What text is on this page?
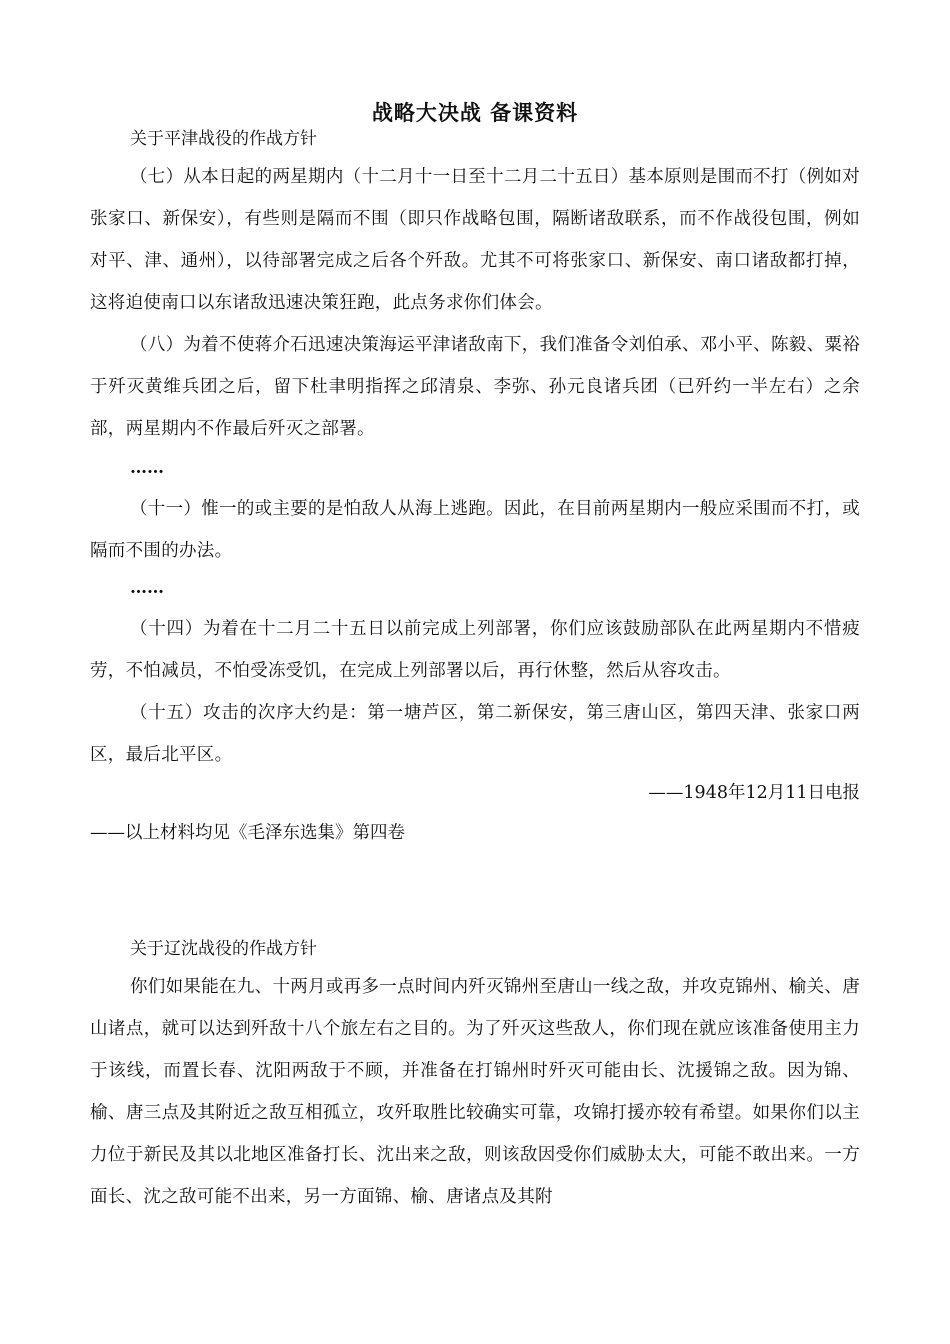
战略大决战 备课资料
关于平津战役的作战方针
（七）从本日起的两星期内（十二月十一日至十二月二十五日）基本原则是围而不打（例如对张家口、新保安），有些则是隔而不围（即只作战略包围，隔断诸敌联系，而不作战役包围，例如对平、津、通州），以待部署完成之后各个歼敌。尤其不可将张家口、新保安、南口诸敌都打掉，这将迫使南口以东诸敌迅速决策狂跑，此点务求你们体会。
（八）为着不使蒋介石迅速决策海运平津诸敌南下，我们准备令刘伯承、邓小平、陈毅、粟裕于歼灭黄维兵团之后，留下杜聿明指挥之邱清泉、李弥、孙元良诸兵团（已歼约一半左右）之余部，两星期内不作最后歼灭之部署。
……
（十一）惟一的或主要的是怕敌人从海上逃跑。因此，在目前两星期内一般应采围而不打，或隔而不围的办法。
……
（十四）为着在十二月二十五日以前完成上列部署，你们应该鼓励部队在此两星期内不惜疲劳，不怕减员，不怕受冻受饥，在完成上列部署以后，再行休整，然后从容攻击。
（十五）攻击的次序大约是：第一塘芦区，第二新保安，第三唐山区，第四天津、张家口两区，最后北平区。
——1948年12月11日电报
——以上材料均见《毛泽东选集》第四卷
关于辽沈战役的作战方针
你们如果能在九、十两月或再多一点时间内歼灭锦州至唐山一线之敌，并攻克锦州、榆关、唐山诸点，就可以达到歼敌十八个旅左右之目的。为了歼灭这些敌人，你们现在就应该准备使用主力于该线，而置长春、沈阳两敌于不顾，并准备在打锦州时歼灭可能由长、沈援锦之敌。因为锦、榆、唐三点及其附近之敌互相孤立，攻歼取胜比较确实可靠，攻锦打援亦较有希望。如果你们以主力位于新民及其以北地区准备打长、沈出来之敌，则该敌因受你们威胁太大，可能不敢出来。一方面长、沈之敌可能不出来，另一方面锦、榆、唐诸点及其附
